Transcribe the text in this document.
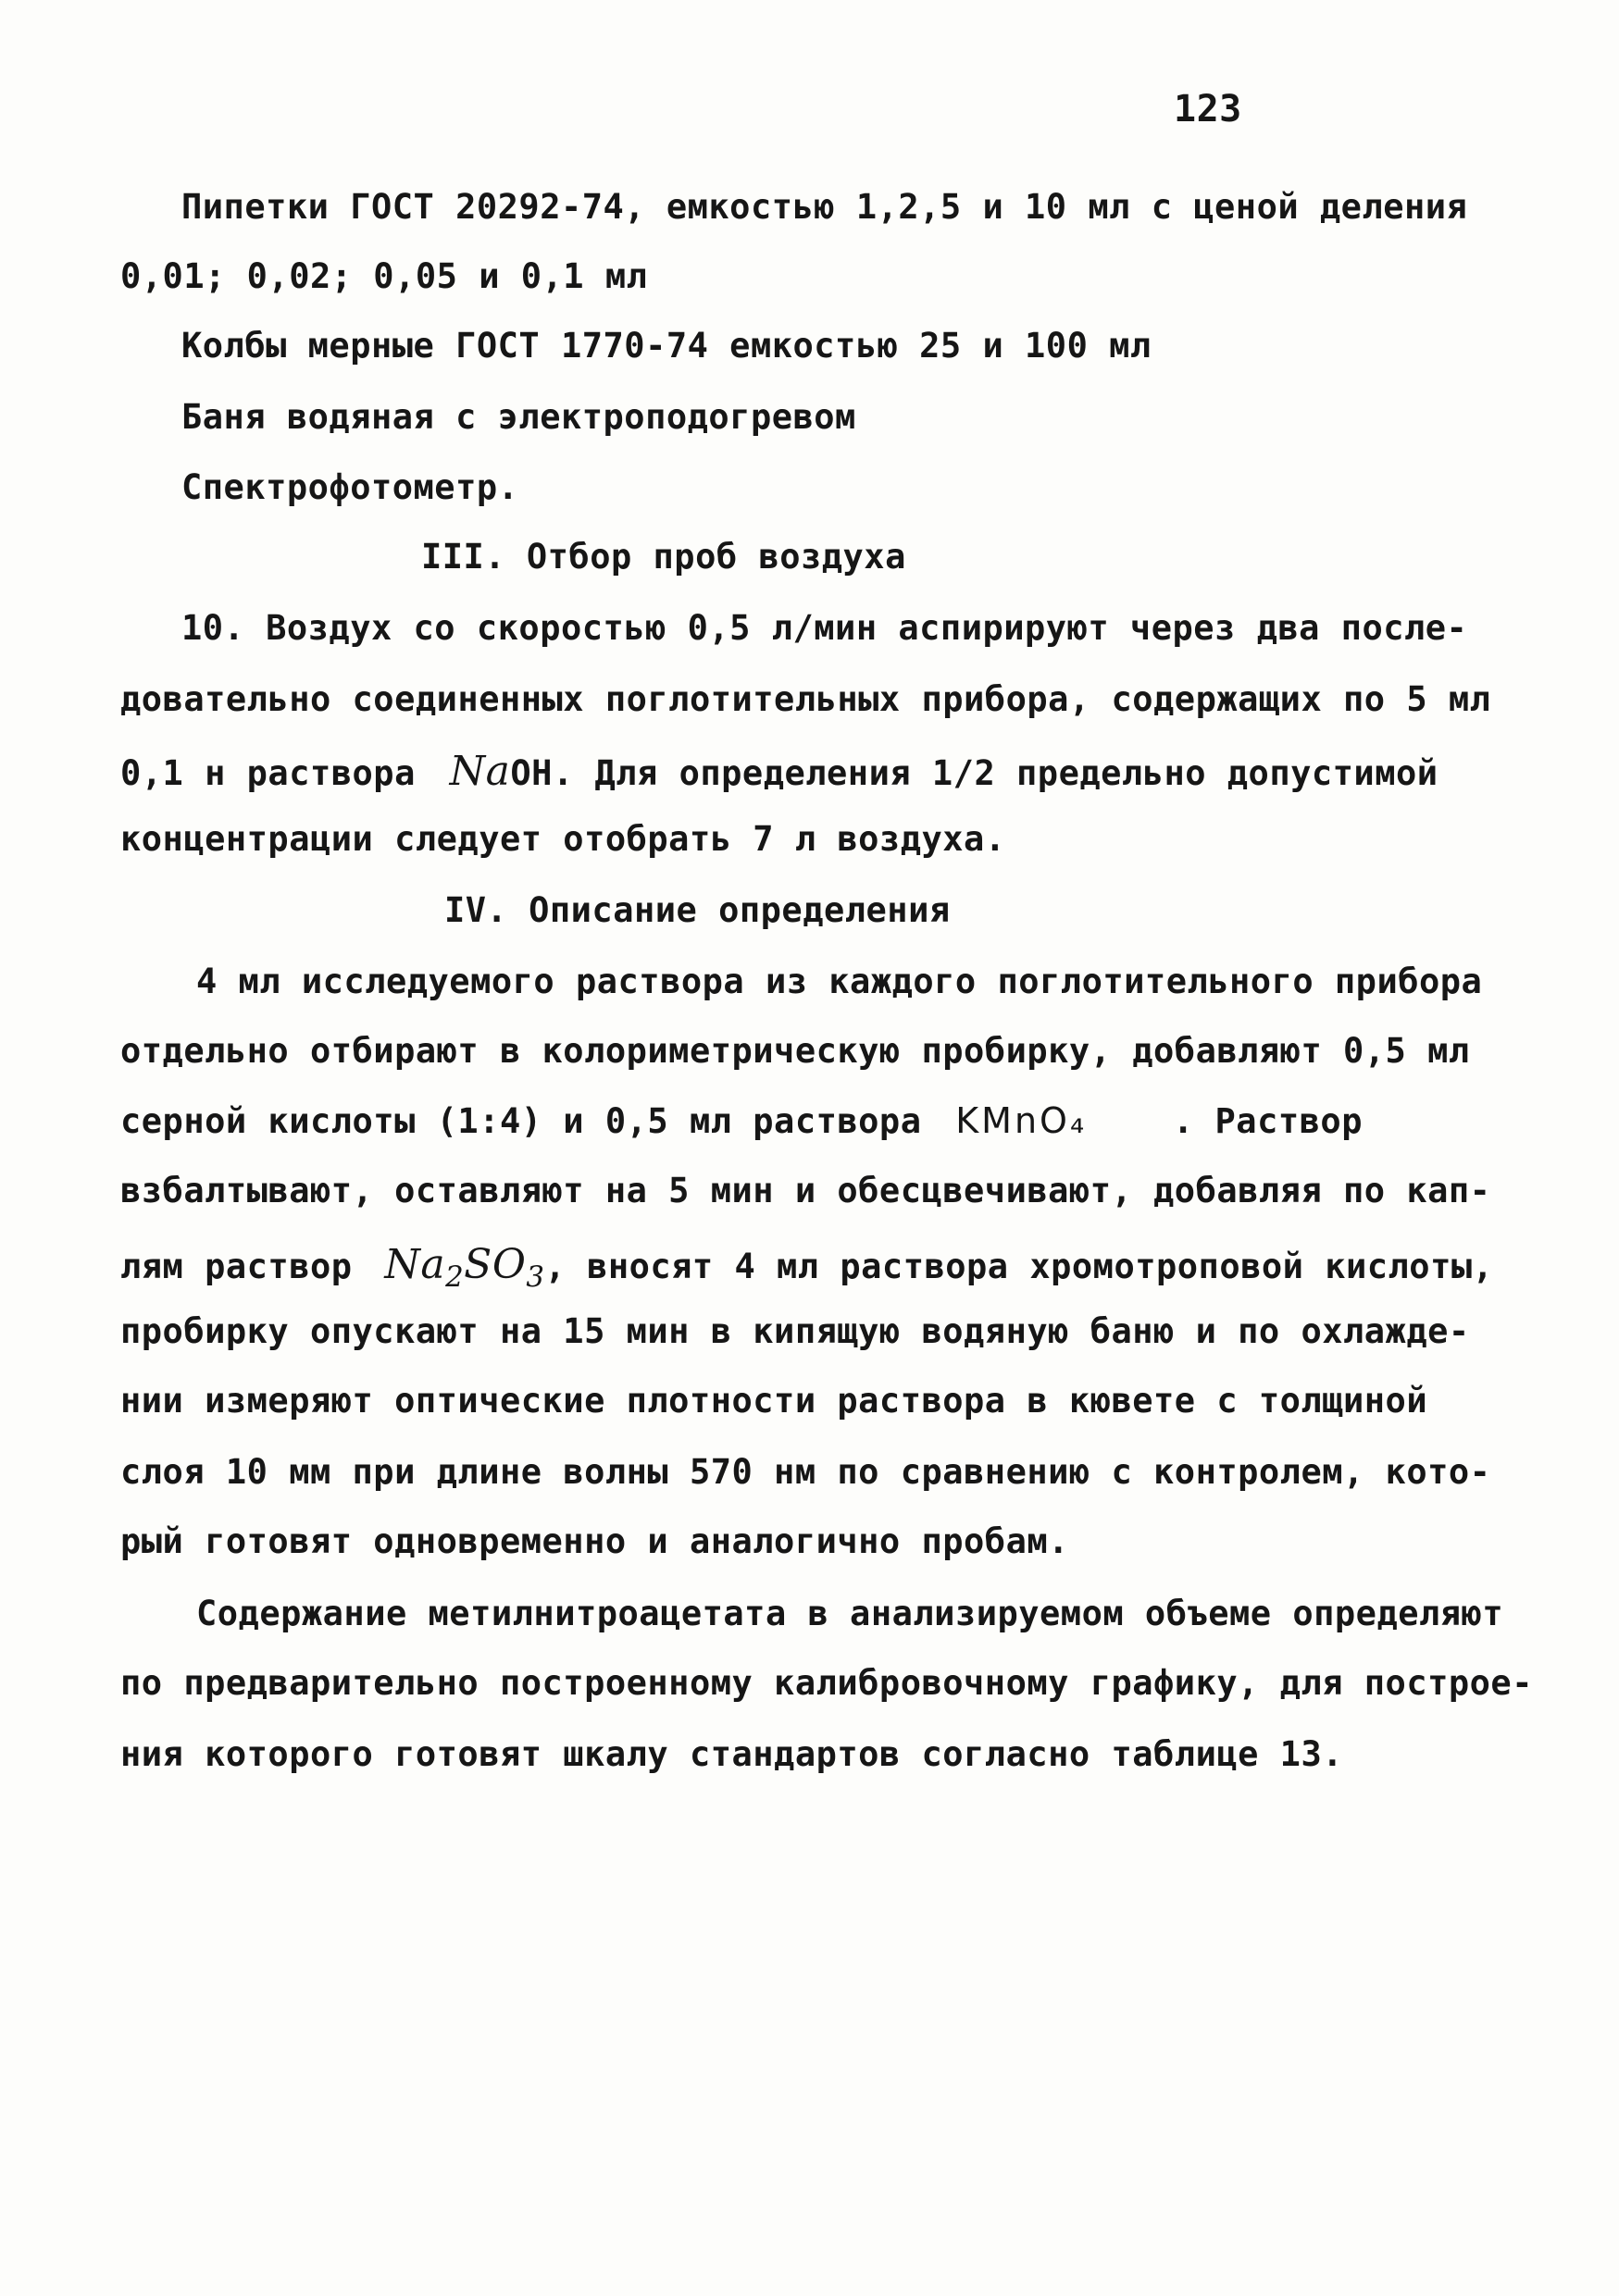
123
Пипетки ГОСТ 20292-74, емкостью 1,2,5 и 10 мл с ценой деления
0,01; 0,02; 0,05 и 0,1 мл
Колбы мерные ГОСТ 1770-74 емкостью 25 и 100 мл
Баня водяная с электроподогревом
Спектрофотометр.
III. Отбор проб воздуха
10. Воздух со скоростью 0,5 л/мин аспирируют через два после-
довательно соединенных поглотительных прибора, содержащих по 5 мл
0,1 н раствора NaOH. Для определения 1/2 предельно допустимой
концентрации следует отобрать 7 л воздуха.
IV. Описание определения
4 мл исследуемого раствора из каждого поглотительного прибора
отдельно отбирают в колориметрическую пробирку, добавляют 0,5 мл
серной кислоты (1:4) и 0,5 мл раствора KMnO₄	. Раствор
взбалтывают, оставляют на 5 мин и обесцвечивают, добавляя по кап-
лям раствор $Na_2SO_3$, вносят 4 мл раствора хромотроповой кислоты,
пробирку опускают на 15 мин в кипящую водяную баню и по охлажде-
нии измеряют оптические плотности раствора в кювете с толщиной
слоя 10 мм при длине волны 570 нм по сравнению с контролем, кото-
рый готовят одновременно и аналогично пробам.
Содержание метилнитроацетата в анализируемом объеме определяют
по предварительно построенному калибровочному графику, для построе-
ния которого готовят шкалу стандартов согласно таблице 13.
